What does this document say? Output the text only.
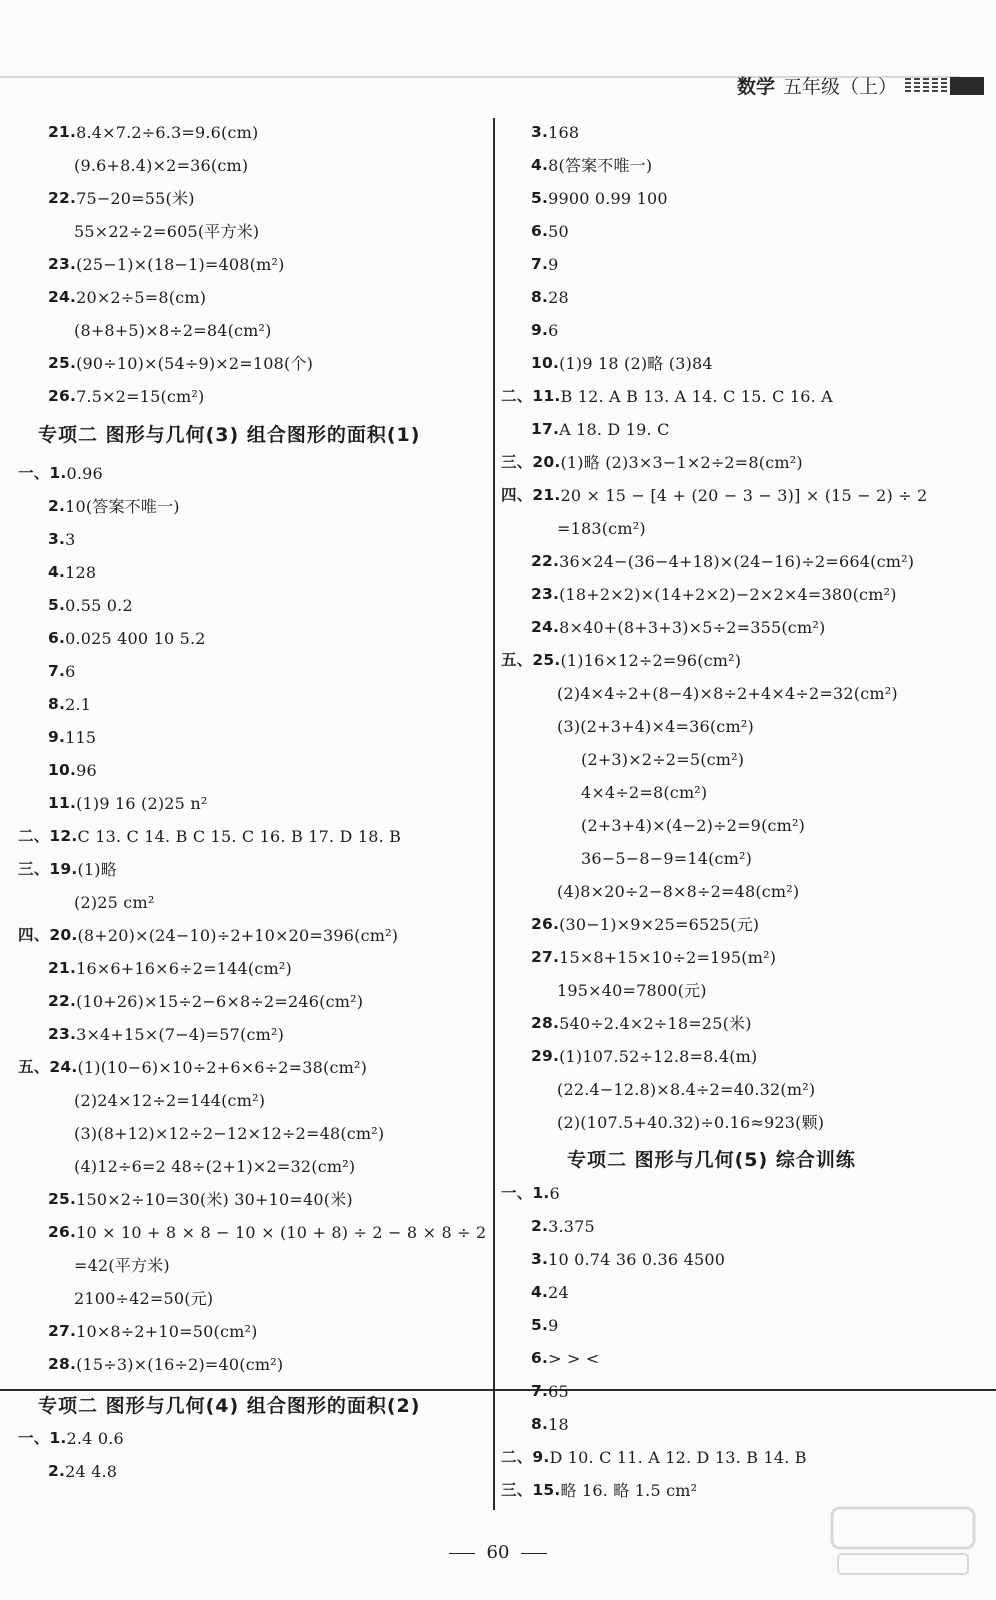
数学 五年级（上）
21. 8.4×7.2÷6.3=9.6(cm)
(9.6+8.4)×2=36(cm)
22. 75−20=55(米)
55×22÷2=605(平方米)
23. (25−1)×(18−1)=408(m²)
24. 20×2÷5=8(cm)
(8+8+5)×8÷2=84(cm²)
25. (90÷10)×(54÷9)×2=108(个)
26. 7.5×2=15(cm²)
专项二 图形与几何(3) 组合图形的面积(1)
一、1. 0.96
2. 10(答案不唯一)
3. 3
4. 128
5. 0.55 0.2
6. 0.025 400 10 5.2
7. 6
8. 2.1
9. 115
10. 96
11. (1)9 16 (2)25 n²
二、12. C 13. C 14. B C 15. C 16. B 17. D 18. B
三、19. (1)略
(2)25 cm²
四、20. (8+20)×(24−10)÷2+10×20=396(cm²)
21. 16×6+16×6÷2=144(cm²)
22. (10+26)×15÷2−6×8÷2=246(cm²)
23. 3×4+15×(7−4)=57(cm²)
五、24. (1)(10−6)×10÷2+6×6÷2=38(cm²)
(2)24×12÷2=144(cm²)
(3)(8+12)×12÷2−12×12÷2=48(cm²)
(4)12÷6=2 48÷(2+1)×2=32(cm²)
25. 150×2÷10=30(米) 30+10=40(米)
26. 10 × 10 + 8 × 8 − 10 × (10 + 8) ÷ 2 − 8 × 8 ÷ 2
=42(平方米)
2100÷42=50(元)
27. 10×8÷2+10=50(cm²)
28. (15÷3)×(16÷2)=40(cm²)
专项二 图形与几何(4) 组合图形的面积(2)
一、1. 2.4 0.6
2. 24 4.8
3. 168
4. 8(答案不唯一)
5. 9900 0.99 100
6. 50
7. 9
8. 28
9. 6
10. (1)9 18 (2)略 (3)84
二、11. B 12. A B 13. A 14. C 15. C 16. A
17. A 18. D 19. C
三、20. (1)略 (2)3×3−1×2÷2=8(cm²)
四、21. 20 × 15 − [4 + (20 − 3 − 3)] × (15 − 2) ÷ 2
=183(cm²)
22. 36×24−(36−4+18)×(24−16)÷2=664(cm²)
23. (18+2×2)×(14+2×2)−2×2×4=380(cm²)
24. 8×40+(8+3+3)×5÷2=355(cm²)
五、25. (1)16×12÷2=96(cm²)
(2)4×4÷2+(8−4)×8÷2+4×4÷2=32(cm²)
(3)(2+3+4)×4=36(cm²)
(2+3)×2÷2=5(cm²)
4×4÷2=8(cm²)
(2+3+4)×(4−2)÷2=9(cm²)
36−5−8−9=14(cm²)
(4)8×20÷2−8×8÷2=48(cm²)
26. (30−1)×9×25=6525(元)
27. 15×8+15×10÷2=195(m²)
195×40=7800(元)
28. 540÷2.4×2÷18=25(米)
29. (1)107.52÷12.8=8.4(m)
(22.4−12.8)×8.4÷2=40.32(m²)
(2)(107.5+40.32)÷0.16≈923(颗)
专项二 图形与几何(5) 综合训练
一、1. 6
2. 3.375
3. 10 0.74 36 0.36 4500
4. 24
5. 9
6. > > <
7. 65
8. 18
二、9. D 10. C 11. A 12. D 13. B 14. B
三、15. 略 16. 略 1.5 cm²
60
